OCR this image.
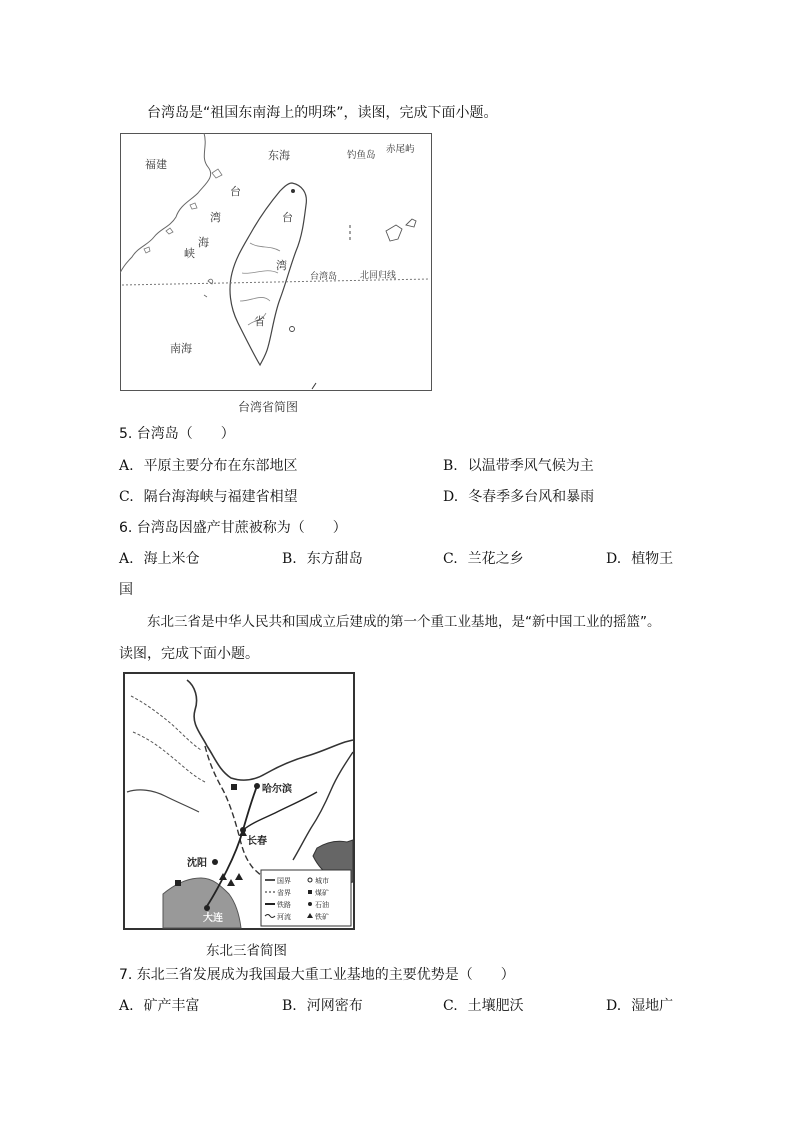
台湾岛是“祖国东南海上的明珠”，读图，完成下面小题。
福建
东海	钓鱼岛
赤尾屿
台
湾
海
峡
台
湾
省
台湾岛	北回归线
南海
台湾省简图
5. 台湾岛（　　）
A. 平原主要分布在东部地区	B. 以温带季风气候为主
C. 隔台海海峡与福建省相望	D. 冬春季多台风和暴雨
6. 台湾岛因盛产甘蔗被称为（　　）
A. 海上米仓	B. 东方甜岛	C. 兰花之乡	D. 植物王
国
东北三省是中华人民共和国成立后建成的第一个重工业基地，是“新中国工业的摇篮”。
读图，完成下面小题。
哈尔滨
长春
沈阳
大连
国界
省界
铁路
河流
城市
煤矿
石油
铁矿
东北三省简图
7. 东北三省发展成为我国最大重工业基地的主要优势是（　　）
A. 矿产丰富	B. 河网密布	C. 土壤肥沃	D. 湿地广
